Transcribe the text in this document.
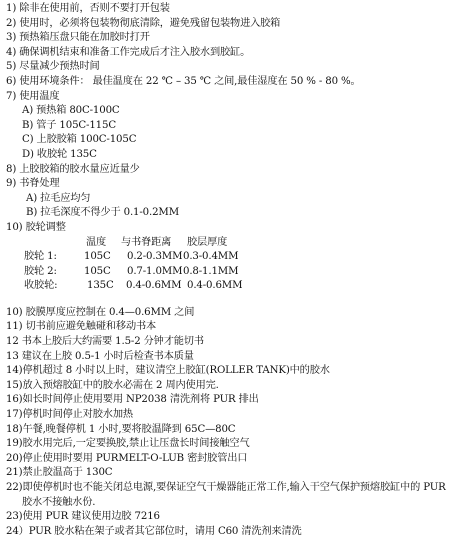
1) 除非在使用前，否则不要打开包装
2) 使用时，必须将包装物彻底清除，避免残留包装物进入胶箱
3) 预热箱压盘只能在加胶时打开
4) 确保调机结束和准备工作完成后才注入胶水到胶缸。
5) 尽量减少预热时间
6) 使用环境条件： 最佳温度在 22 ℃ – 35 ℃ 之间,最佳湿度在 50 % - 80 %。
7) 使用温度
A) 预热箱 80C-100C
B) 管子 105C-115C
C) 上胶胶箱 100C-105C
D) 收胶轮 135C
8) 上胶胶箱的胶水量应近量少
9) 书脊处理
A) 拉毛应均匀
B) 拉毛深度不得少于 0.1-0.2MM
10) 胶轮调整
温度 与书脊距离 胶层厚度
胶轮 1:	105C 0.2-0.3MM 0.3-0.4MM
胶轮 2:	105C 0.7-1.0MM 0.8-1.1MM
收胶轮:	135C 0.4-0.6MM 0.4-0.6MM
10) 胶膜厚度应控制在 0.4—0.6MM 之间
11) 切书前应避免触碰和移动书本
12 书本上胶后大约需要 1.5-2 分钟才能切书
13 建议在上胶 0.5-1 小时后检查书本质量
14)停机超过 8 小时以上时，建议清空上胶缸(ROLLER TANK)中的胶水
15)放入预熔胶缸中的胶水必需在 2 周内使用完.
16)如长时间停止使用要用 NP2038 清洗剂将 PUR 排出
17)停机时间停止对胶水加热
18)午餐,晚餐停机 1 小时,要将胶温降到 65C—80C
19)胶水用完后,一定要换胶,禁止让压盘长时间接触空气
20)停止使用时要用 PURMELT-O-LUB 密封胶管出口
21)禁止胶温高于 130C
22)即使停机时也不能关闭总电源,要保证空气干燥器能正常工作,输入干空气保护预熔胶缸中的 PUR
胶水不接触水份.
23)使用 PUR 建议使用边胶 7216
24）PUR 胶水粘在架子或者其它部位时，请用 C60 清洗剂来清洗
